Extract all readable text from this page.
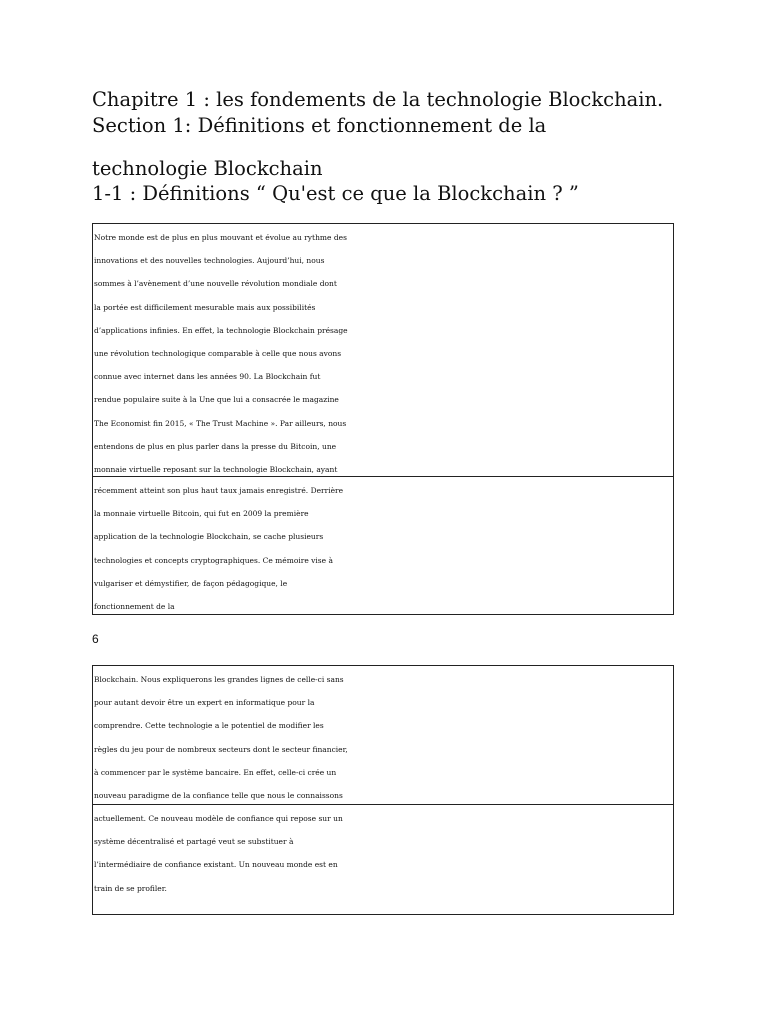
Chapitre 1 : les fondements de la technologie Blockchain.
Section 1: Définitions et fonctionnement de la
technologie Blockchain
1-1 : Définitions “ Qu'est ce que la Blockchain ? ”
Notre monde est de plus en plus mouvant et évolue au rythme des
innovations et des nouvelles technologies. Aujourd’hui, nous
sommes à l’avènement d’une nouvelle révolution mondiale dont
la portée est difficilement mesurable mais aux possibilités
d’applications infinies. En effet, la technologie Blockchain présage
une révolution technologique comparable à celle que nous avons
connue avec internet dans les années 90. La Blockchain fut
rendue populaire suite à la Une que lui a consacrée le magazine
The Economist fin 2015, « The Trust Machine ». Par ailleurs, nous
entendons de plus en plus parler dans la presse du Bitcoin, une
monnaie virtuelle reposant sur la technologie Blockchain, ayant
récemment atteint son plus haut taux jamais enregistré. Derrière
la monnaie virtuelle Bitcoin, qui fut en 2009 la première
application de la technologie Blockchain, se cache plusieurs
technologies et concepts cryptographiques. Ce mémoire vise à
vulgariser et démystifier, de façon pédagogique, le
fonctionnement de la
6
Blockchain. Nous expliquerons les grandes lignes de celle-ci sans
pour autant devoir être un expert en informatique pour la
comprendre. Cette technologie a le potentiel de modifier les
règles du jeu pour de nombreux secteurs dont le secteur financier,
à commencer par le système bancaire. En effet, celle-ci crée un
nouveau paradigme de la confiance telle que nous le connaissons
actuellement. Ce nouveau modèle de confiance qui repose sur un
système décentralisé et partagé veut se substituer à
l’intermédiaire de confiance existant. Un nouveau monde est en
train de se profiler.
